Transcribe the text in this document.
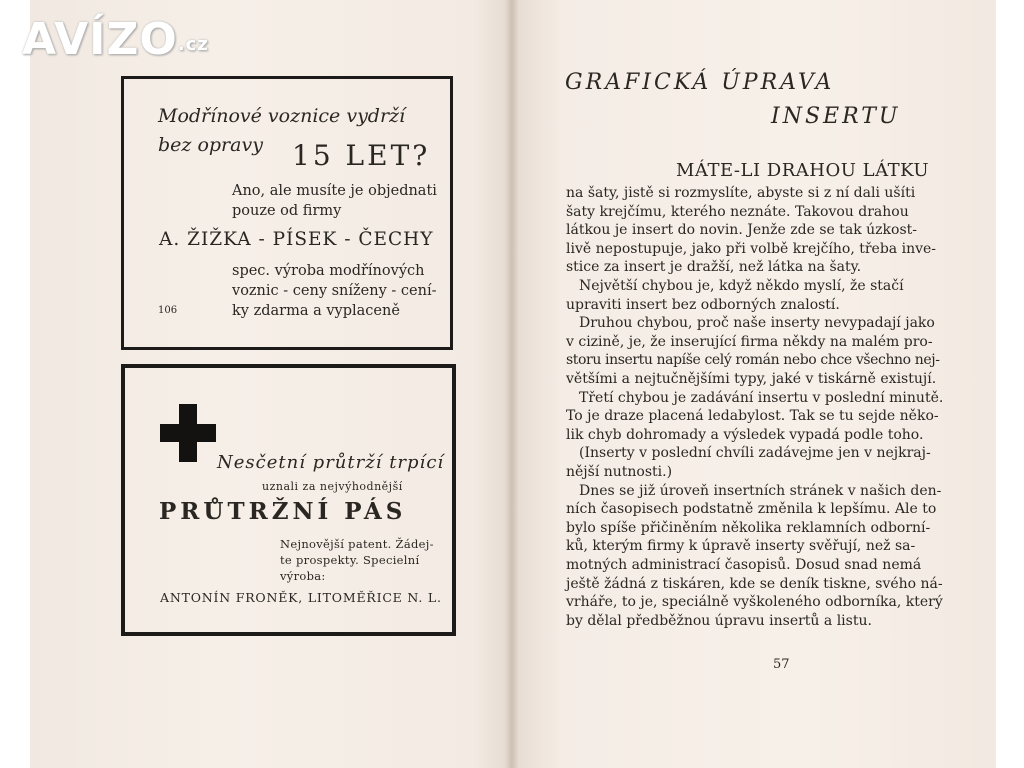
AVÍZO.cz
Modřínové voznice vydrží
bez opravy 15 LET?
Ano, ale musíte je objednati
pouze od firmy
A. ŽIŽKA - PÍSEK - ČECHY
spec. výroba modřínových
voznic - ceny sníženy - cení-
ky zdarma a vyplaceně
106
Nesčetní průtrží trpící
uznali za nejvýhodnější
PRŮTRŽNÍ PÁS
Nejnovější patent. Žádej-
te prospekty. Specielní
výroba:
ANTONÍN FRONĚK, LITOMĚŘICE N. L.
GRAFICKÁ ÚPRAVA
INSERTU
MÁTE-LI DRAHOU LÁTKU
na šaty, jistě si rozmyslíte, abyste si z ní dali ušíti
šaty krejčímu, kterého neznáte. Takovou drahou
látkou je insert do novin. Jenže zde se tak úzkost-
livě nepostupuje, jako při volbě krejčího, třeba inve-
stice za insert je dražší, než látka na šaty.
Největší chybou je, když někdo myslí, že stačí
upraviti insert bez odborných znalostí.
Druhou chybou, proč naše inserty nevypadají jako
v cizině, je, že inserující firma někdy na malém pro-
storu insertu napíše celý román nebo chce všechno nej-
většími a nejtučnějšími typy, jaké v tiskárně existují.
Třetí chybou je zadávání insertu v poslední minutě.
To je draze placená ledabylost. Tak se tu sejde něko-
lik chyb dohromady a výsledek vypadá podle toho.
(Inserty v poslední chvíli zadávejme jen v nejkraj-
nější nutnosti.)
Dnes se již úroveň insertních stránek v našich den-
ních časopisech podstatně změnila k lepšímu. Ale to
bylo spíše přičiněním několika reklamních odborní-
ků, kterým firmy k úpravě inserty svěřují, než sa-
motných administrací časopisů. Dosud snad nemá
ještě žádná z tiskáren, kde se deník tiskne, svého ná-
vrháře, to je, speciálně vyškoleného odborníka, který
by dělal předběžnou úpravu insertů a listu.
57
